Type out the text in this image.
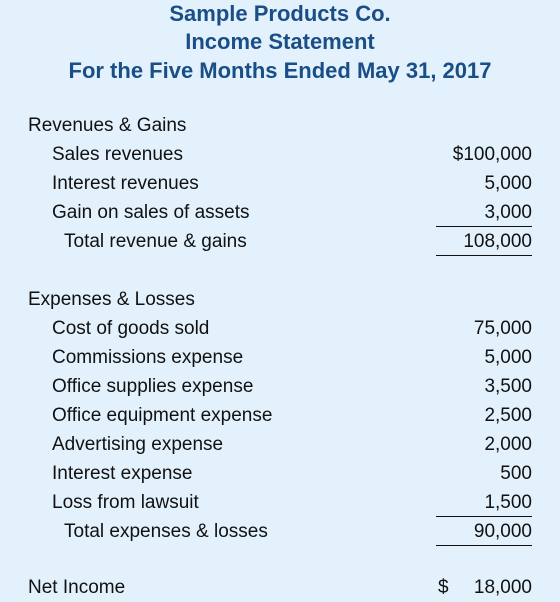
Sample Products Co.
Income Statement
For the Five Months Ended May 31, 2017
Revenues & Gains
Sales revenues	$100,000
Interest revenues	5,000
Gain on sales of assets	3,000
Total revenue & gains	108,000
Expenses & Losses
Cost of goods sold	75,000
Commissions expense	5,000
Office supplies expense	3,500
Office equipment expense	2,500
Advertising expense	2,000
Interest expense	500
Loss from lawsuit	1,500
Total expenses & losses	90,000
Net Income	$ 18,000
